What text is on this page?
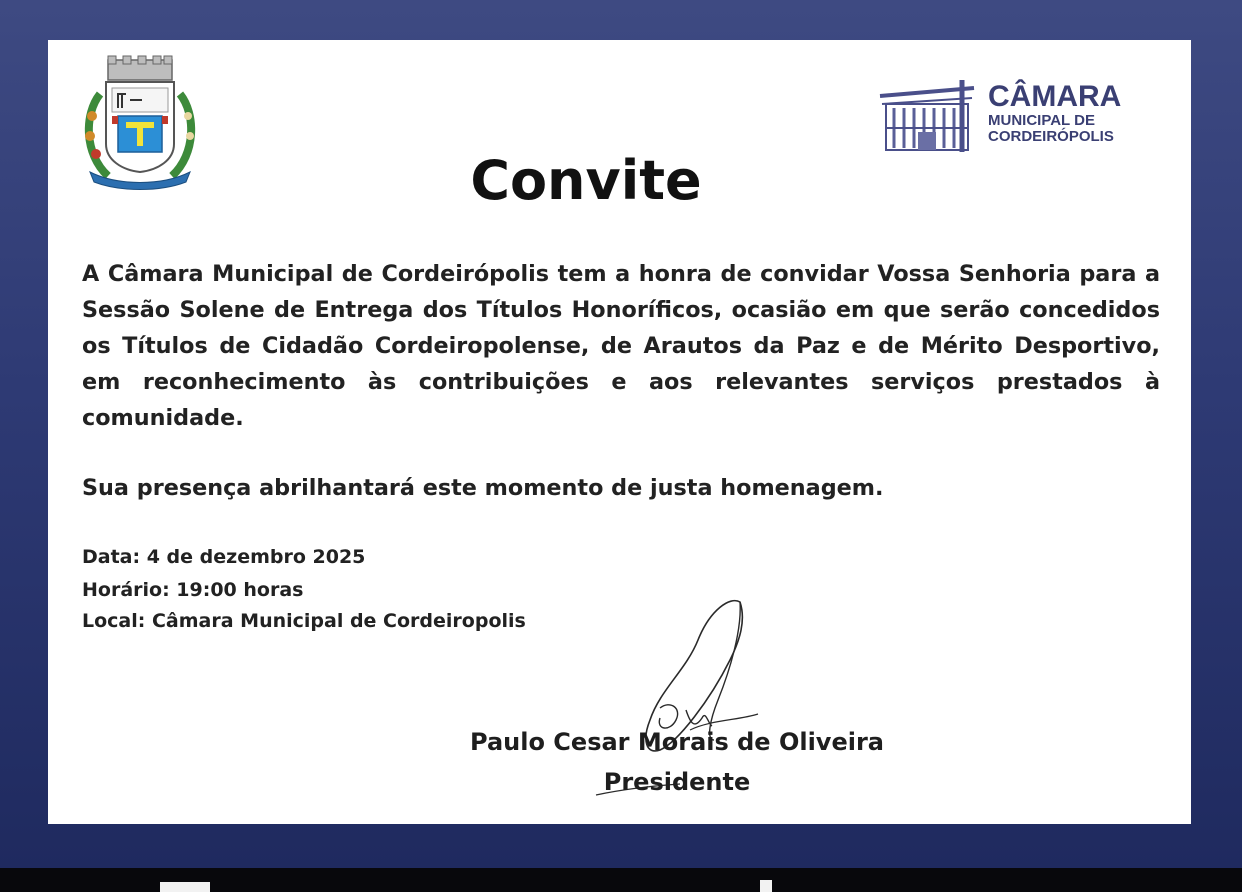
CÂMARA
MUNICIPAL DE
CORDEIRÓPOLIS
Convite
A Câmara Municipal de Cordeirópolis tem a honra de convidar Vossa Senhoria para a Sessão Solene de Entrega dos Títulos Honoríficos, ocasião em que serão concedidos os Títulos de Cidadão Cordeiropolense, de Arautos da Paz e de Mérito Desportivo, em reconhecimento às contribuições e aos relevantes serviços prestados à comunidade.
Sua presença abrilhantará este momento de justa homenagem.
Data: 4 de dezembro 2025
Horário: 19:00 horas
Local: Câmara Municipal de Cordeiropolis
Paulo Cesar Morais de Oliveira
Presidente
